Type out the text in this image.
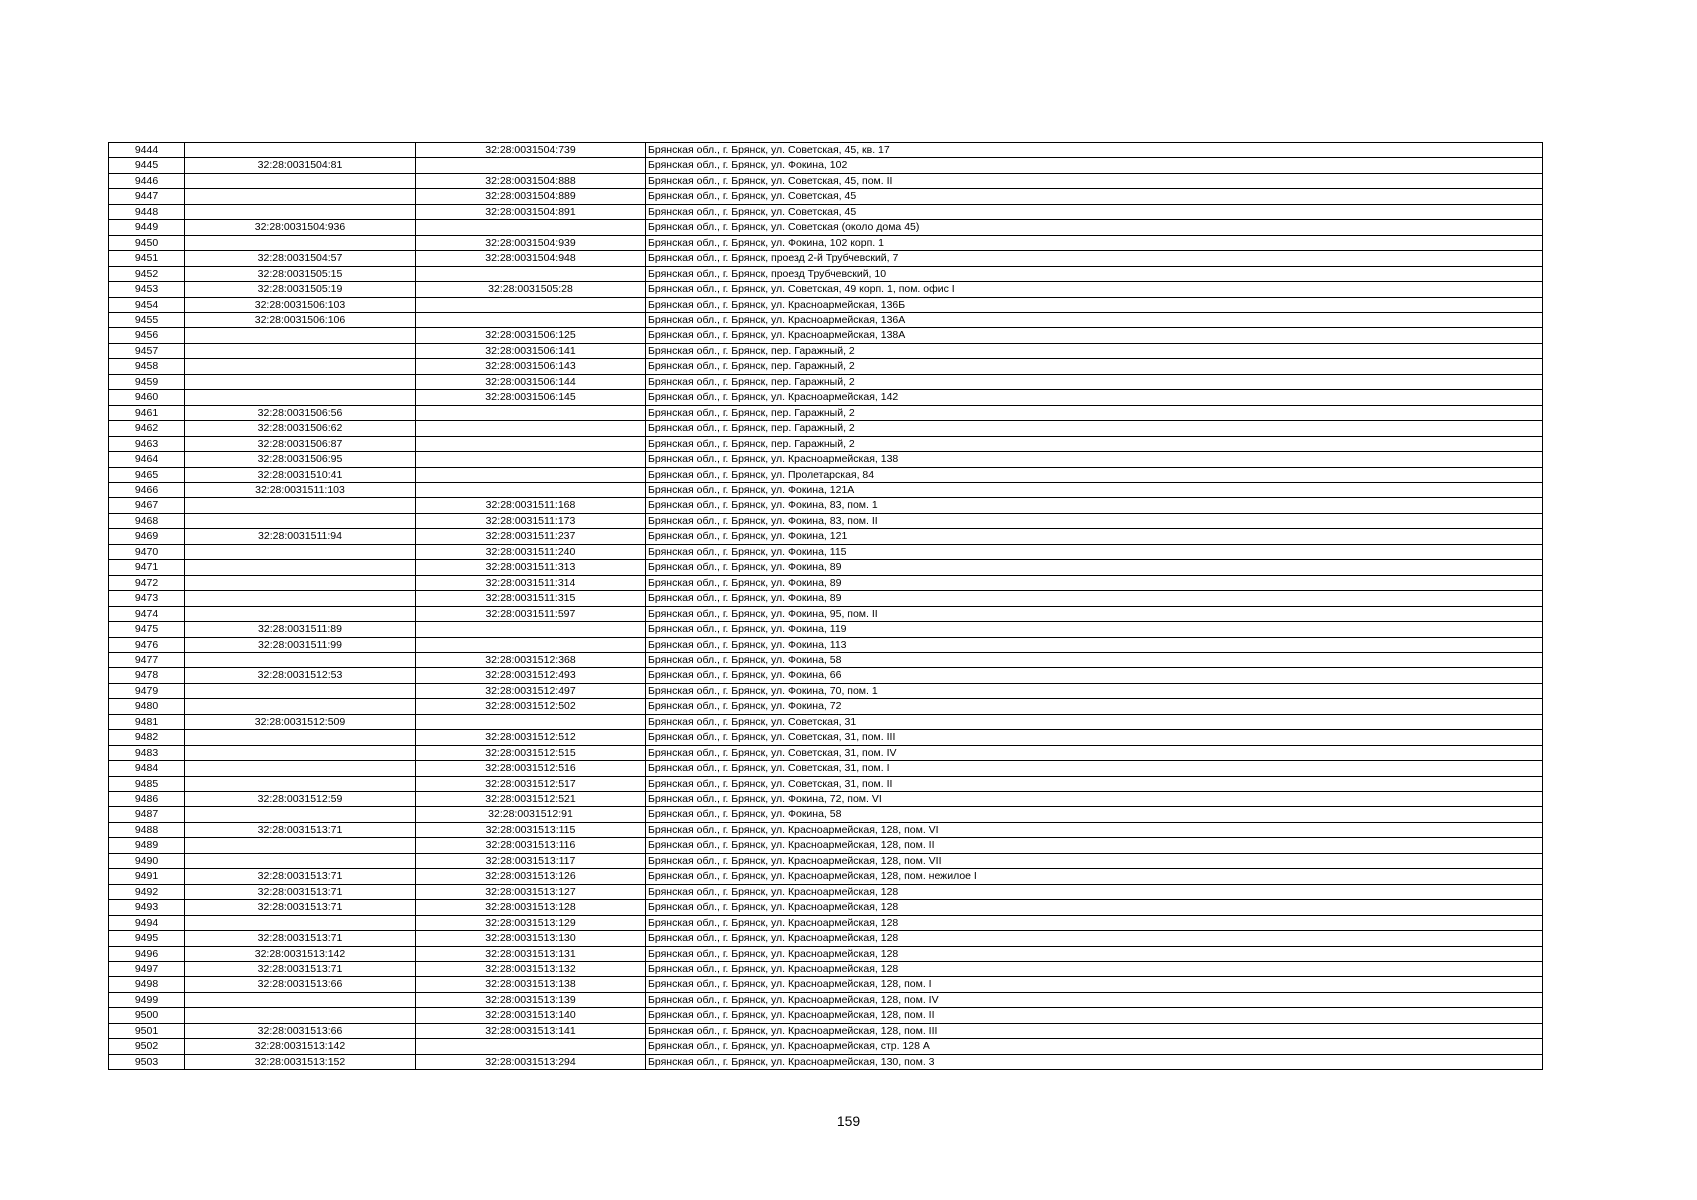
9444		32:28:0031504:739	Брянская обл., г. Брянск, ул. Советская, 45, кв. 17
9445	32:28:0031504:81		Брянская обл., г. Брянск, ул. Фокина, 102
9446		32:28:0031504:888	Брянская обл., г. Брянск, ул. Советская, 45, пом. II
9447		32:28:0031504:889	Брянская обл., г. Брянск, ул. Советская, 45
9448		32:28:0031504:891	Брянская обл., г. Брянск, ул. Советская, 45
9449	32:28:0031504:936		Брянская обл., г. Брянск, ул. Советская (около дома 45)
9450		32:28:0031504:939	Брянская обл., г. Брянск, ул. Фокина, 102 корп. 1
9451	32:28:0031504:57	32:28:0031504:948	Брянская обл., г. Брянск, проезд 2-й Трубчевский, 7
9452	32:28:0031505:15		Брянская обл., г. Брянск, проезд Трубчевский, 10
9453	32:28:0031505:19	32:28:0031505:28	Брянская обл., г. Брянск, ул. Советская, 49 корп. 1, пом. офис I
9454	32:28:0031506:103		Брянская обл., г. Брянск, ул. Красноармейская, 136Б
9455	32:28:0031506:106		Брянская обл., г. Брянск, ул. Красноармейская, 136А
9456		32:28:0031506:125	Брянская обл., г. Брянск, ул. Красноармейская, 138А
9457		32:28:0031506:141	Брянская обл., г. Брянск, пер. Гаражный, 2
9458		32:28:0031506:143	Брянская обл., г. Брянск, пер. Гаражный, 2
9459		32:28:0031506:144	Брянская обл., г. Брянск, пер. Гаражный, 2
9460		32:28:0031506:145	Брянская обл., г. Брянск, ул. Красноармейская, 142
9461	32:28:0031506:56		Брянская обл., г. Брянск, пер. Гаражный, 2
9462	32:28:0031506:62		Брянская обл., г. Брянск, пер. Гаражный, 2
9463	32:28:0031506:87		Брянская обл., г. Брянск, пер. Гаражный, 2
9464	32:28:0031506:95		Брянская обл., г. Брянск, ул. Красноармейская, 138
9465	32:28:0031510:41		Брянская обл., г. Брянск, ул. Пролетарская, 84
9466	32:28:0031511:103		Брянская обл., г. Брянск, ул. Фокина, 121А
9467		32:28:0031511:168	Брянская обл., г. Брянск, ул. Фокина, 83, пом. 1
9468		32:28:0031511:173	Брянская обл., г. Брянск, ул. Фокина, 83, пом. II
9469	32:28:0031511:94	32:28:0031511:237	Брянская обл., г. Брянск, ул. Фокина, 121
9470		32:28:0031511:240	Брянская обл., г. Брянск, ул. Фокина, 115
9471		32:28:0031511:313	Брянская обл., г. Брянск, ул. Фокина, 89
9472		32:28:0031511:314	Брянская обл., г. Брянск, ул. Фокина, 89
9473		32:28:0031511:315	Брянская обл., г. Брянск, ул. Фокина, 89
9474		32:28:0031511:597	Брянская обл., г. Брянск, ул. Фокина, 95, пом. II
9475	32:28:0031511:89		Брянская обл., г. Брянск, ул. Фокина, 119
9476	32:28:0031511:99		Брянская обл., г. Брянск, ул. Фокина, 113
9477		32:28:0031512:368	Брянская обл., г. Брянск, ул. Фокина, 58
9478	32:28:0031512:53	32:28:0031512:493	Брянская обл., г. Брянск, ул. Фокина, 66
9479		32:28:0031512:497	Брянская обл., г. Брянск, ул. Фокина, 70, пом. 1
9480		32:28:0031512:502	Брянская обл., г. Брянск, ул. Фокина, 72
9481	32:28:0031512:509		Брянская обл., г. Брянск, ул. Советская, 31
9482		32:28:0031512:512	Брянская обл., г. Брянск, ул. Советская, 31, пом. III
9483		32:28:0031512:515	Брянская обл., г. Брянск, ул. Советская, 31, пом. IV
9484		32:28:0031512:516	Брянская обл., г. Брянск, ул. Советская, 31, пом. I
9485		32:28:0031512:517	Брянская обл., г. Брянск, ул. Советская, 31, пом. II
9486	32:28:0031512:59	32:28:0031512:521	Брянская обл., г. Брянск, ул. Фокина, 72, пом. VI
9487		32:28:0031512:91	Брянская обл., г. Брянск, ул. Фокина, 58
9488	32:28:0031513:71	32:28:0031513:115	Брянская обл., г. Брянск, ул. Красноармейская, 128, пом. VI
9489		32:28:0031513:116	Брянская обл., г. Брянск, ул. Красноармейская, 128, пом. II
9490		32:28:0031513:117	Брянская обл., г. Брянск, ул. Красноармейская, 128, пом. VII
9491	32:28:0031513:71	32:28:0031513:126	Брянская обл., г. Брянск, ул. Красноармейская, 128, пом. нежилое I
9492	32:28:0031513:71	32:28:0031513:127	Брянская обл., г. Брянск, ул. Красноармейская, 128
9493	32:28:0031513:71	32:28:0031513:128	Брянская обл., г. Брянск, ул. Красноармейская, 128
9494		32:28:0031513:129	Брянская обл., г. Брянск, ул. Красноармейская, 128
9495	32:28:0031513:71	32:28:0031513:130	Брянская обл., г. Брянск, ул. Красноармейская, 128
9496	32:28:0031513:142	32:28:0031513:131	Брянская обл., г. Брянск, ул. Красноармейская, 128
9497	32:28:0031513:71	32:28:0031513:132	Брянская обл., г. Брянск, ул. Красноармейская, 128
9498	32:28:0031513:66	32:28:0031513:138	Брянская обл., г. Брянск, ул. Красноармейская, 128, пом. I
9499		32:28:0031513:139	Брянская обл., г. Брянск, ул. Красноармейская, 128, пом. IV
9500		32:28:0031513:140	Брянская обл., г. Брянск, ул. Красноармейская, 128, пом. II
9501	32:28:0031513:66	32:28:0031513:141	Брянская обл., г. Брянск, ул. Красноармейская, 128, пом. III
9502	32:28:0031513:142		Брянская обл., г. Брянск, ул. Красноармейская, стр. 128 А
9503	32:28:0031513:152	32:28:0031513:294	Брянская обл., г. Брянск, ул. Красноармейская, 130, пом. 3
159
